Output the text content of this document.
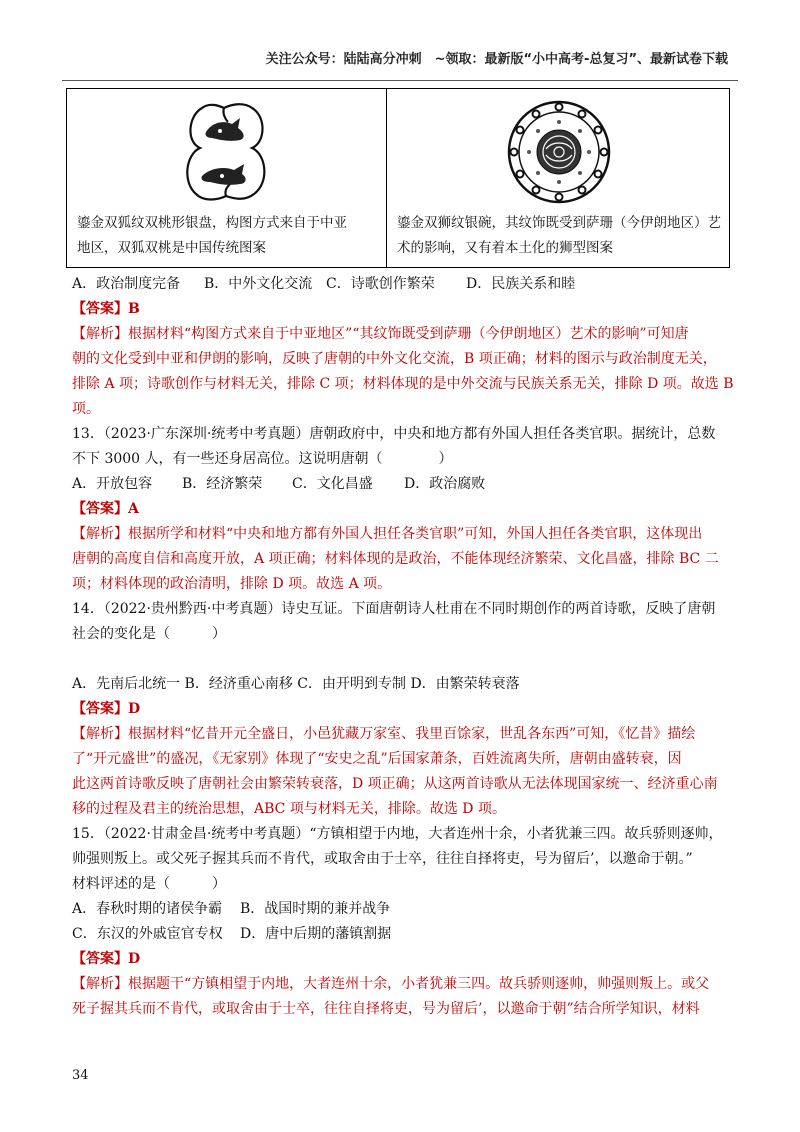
关注公众号：陆陆高分冲刺　~领取：最新版“小中高考-总复习”、最新试卷下载
鎏金双狐纹双桃形银盘，构图方式来自于中亚
地区，双狐双桃是中国传统图案

鎏金双狮纹银碗，其纹饰既受到萨珊（今伊朗地区）艺
术的影响，又有着本土化的狮型图案
A．政治制度完备 B．中外文化交流 C．诗歌创作繁荣 D．民族关系和睦
【答案】B
【解析】根据材料“构图方式来自于中亚地区”“其纹饰既受到萨珊（今伊朗地区）艺术的影响”可知唐
朝的文化受到中亚和伊朗的影响，反映了唐朝的中外文化交流，B 项正确；材料的图示与政治制度无关，
排除 A 项；诗歌创作与材料无关，排除 C 项；材料体现的是中外交流与民族关系无关，排除 D 项。故选 B
项。
13．（2023·广东深圳·统考中考真题）唐朝政府中，中央和地方都有外国人担任各类官职。据统计，总数
不下 3000 人，有一些还身居高位。这说明唐朝（　　　　）
A．开放包容 B．经济繁荣 C．文化昌盛 D．政治腐败
【答案】A
【解析】根据所学和材料“中央和地方都有外国人担任各类官职”可知，外国人担任各类官职，这体现出
唐朝的高度自信和高度开放，A 项正确；材料体现的是政治，不能体现经济繁荣、文化昌盛，排除 BC 二
项；材料体现的政治清明，排除 D 项。故选 A 项。
14．（2022·贵州黔西·中考真题）诗史互证。下面唐朝诗人杜甫在不同时期创作的两首诗歌，反映了唐朝
社会的变化是（　　　）
A．先南后北统一 B．经济重心南移 C．由开明到专制 D．由繁荣转衰落
【答案】D
【解析】根据材料“忆昔开元全盛日，小邑犹藏万家室、我里百馀家，世乱各东西”可知，《忆昔》描绘
了“开元盛世”的盛况，《无家别》体现了“安史之乱”后国家萧条，百姓流离失所，唐朝由盛转衰，因
此这两首诗歌反映了唐朝社会由繁荣转衰落，D 项正确；从这两首诗歌从无法体现国家统一、经济重心南
移的过程及君主的统治思想，ABC 项与材料无关，排除。故选 D 项。
15．（2022·甘肃金昌·统考中考真题）“方镇相望于内地，大者连州十余，小者犹兼三四。故兵骄则逐帅，
帅强则叛上。或父死子握其兵而不肯代，或取舍由于士卒，往往自择将吏，号为留后’，以邀命于朝。”
材料评述的是（　　　）
A．春秋时期的诸侯争霸 B．战国时期的兼并战争
C．东汉的外戚宦官专权 D．唐中后期的藩镇割据
【答案】D
【解析】根据题干“方镇相望于内地，大者连州十余，小者犹兼三四。故兵骄则逐帅，帅强则叛上。或父
死子握其兵而不肯代，或取舍由于士卒，往往自择将吏，号为留后’，以邀命于朝”结合所学知识，材料
34
